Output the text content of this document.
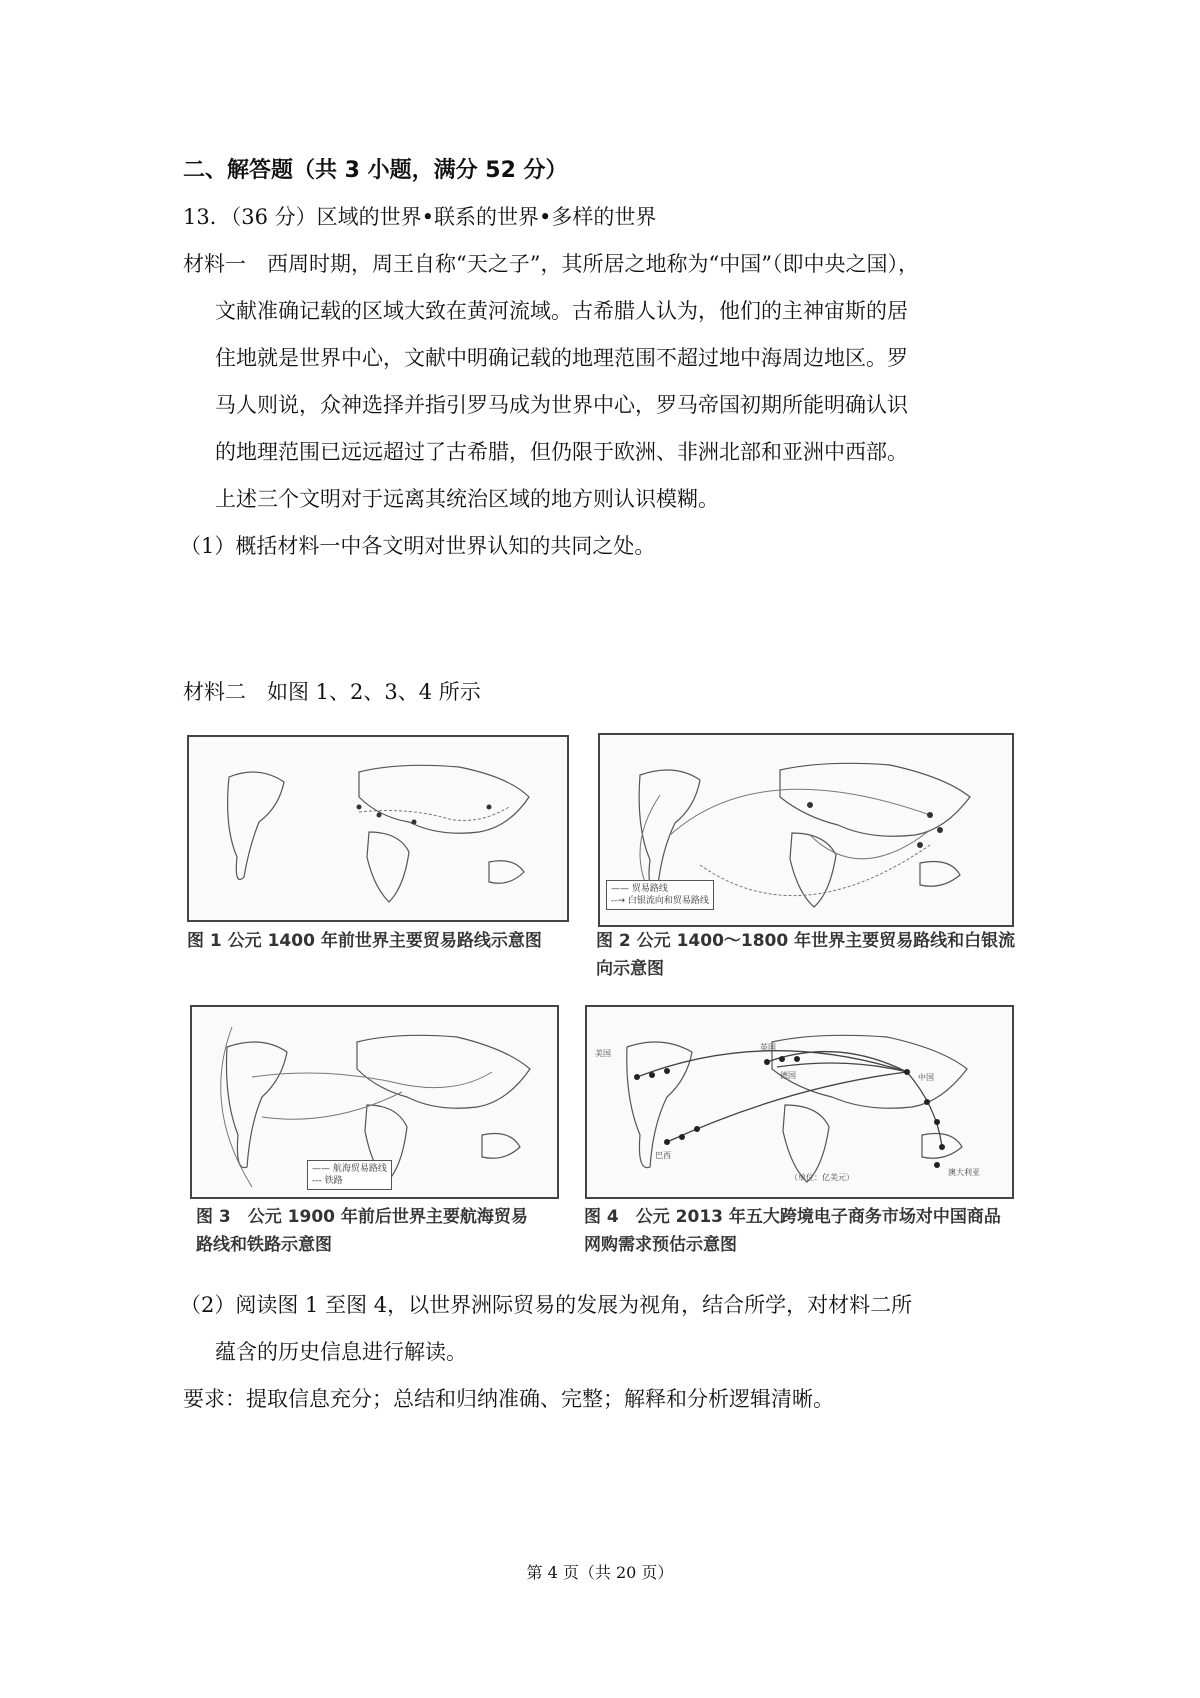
二、解答题（共 3 小题，满分 52 分）
13．（36 分）区域的世界•联系的世界•多样的世界
材料一　西周时期，周王自称“天之子”，其所居之地称为“中国”（即中央之国），
文献准确记载的区域大致在黄河流域。古希腊人认为，他们的主神宙斯的居
住地就是世界中心，文献中明确记载的地理范围不超过地中海周边地区。罗
马人则说，众神选择并指引罗马成为世界中心，罗马帝国初期所能明确认识
的地理范围已远远超过了古希腊，但仍限于欧洲、非洲北部和亚洲中西部。
上述三个文明对于远离其统治区域的地方则认识模糊。
（1）概括材料一中各文明对世界认知的共同之处。
材料二　如图 1、2、3、4 所示
图 1 公元 1400 年前世界主要贸易路线示意图
—— 贸易路线
--→ 白银流向和贸易路线
图 2 公元 1400～1800 年世界主要贸易路线和白银流
向示意图
—— 航海贸易路线
--- 铁路
图 3　公元 1900 年前后世界主要航海贸易
路线和铁路示意图
美国
英国
德国
巴西
澳大利亚
中国
（单位：亿美元）
图 4　公元 2013 年五大跨境电子商务市场对中国商品
网购需求预估示意图
（2）阅读图 1 至图 4，以世界洲际贸易的发展为视角，结合所学，对材料二所
蕴含的历史信息进行解读。
要求：提取信息充分；总结和归纳准确、完整；解释和分析逻辑清晰。
第 4 页（共 20 页）
